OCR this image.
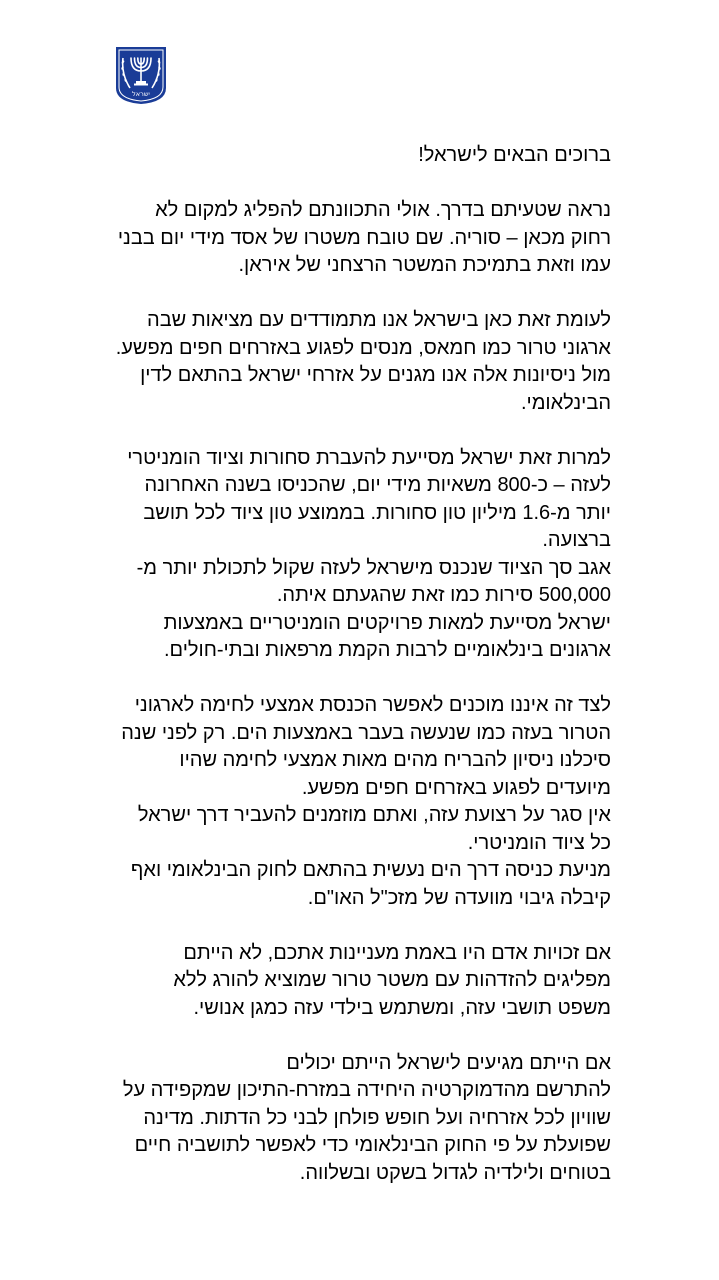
ישראל

ברוכים הבאים לישראל!

נראה שטעיתם בדרך. אולי התכוונתם להפליג למקום לא
רחוק מכאן – סוריה. שם טובח משטרו של אסד מידי יום בבני
עמו וזאת בתמיכת המשטר הרצחני של איראן.

לעומת זאת כאן בישראל אנו מתמודדים עם מציאות שבה
ארגוני טרור כמו חמאס, מנסים לפגוע באזרחים חפים מפשע.
מול ניסיונות אלה אנו מגנים על אזרחי ישראל בהתאם לדין
הבינלאומי.

למרות זאת ישראל מסייעת להעברת סחורות וציוד הומניטרי
לעזה – כ-800 משאיות מידי יום, שהכניסו בשנה האחרונה
יותר מ-1.6 מיליון טון סחורות. בממוצע טון ציוד לכל תושב
ברצועה.

אגב סך הציוד שנכנס מישראל לעזה שקול לתכולת יותר מ-
500,000 סירות כמו זאת שהגעתם איתה.

ישראל מסייעת למאות פרויקטים הומניטריים באמצעות
ארגונים בינלאומיים לרבות הקמת מרפאות ובתי-חולים.

לצד זה איננו מוכנים לאפשר הכנסת אמצעי לחימה לארגוני
הטרור בעזה כמו שנעשה בעבר באמצעות הים. רק לפני שנה
סיכלנו ניסיון להבריח מהים מאות אמצעי לחימה שהיו
מיועדים לפגוע באזרחים חפים מפשע.

אין סגר על רצועת עזה, ואתם מוזמנים להעביר דרך ישראל
כל ציוד הומניטרי.

מניעת כניסה דרך הים נעשית בהתאם לחוק הבינלאומי ואף
קיבלה גיבוי מוועדה של מזכ"ל האו"ם.

אם זכויות אדם היו באמת מעניינות אתכם, לא הייתם
מפליגים להזדהות עם משטר טרור שמוציא להורג ללא
משפט תושבי עזה, ומשתמש בילדי עזה כמגן אנושי.

אם הייתם מגיעים לישראל הייתם יכולים
להתרשם מהדמוקרטיה היחידה במזרח-התיכון שמקפידה על
שוויון לכל אזרחיה ועל חופש פולחן לבני כל הדתות. מדינה
שפועלת על פי החוק הבינלאומי כדי לאפשר לתושביה חיים
בטוחים ולילדיה לגדול בשקט ובשלווה.
